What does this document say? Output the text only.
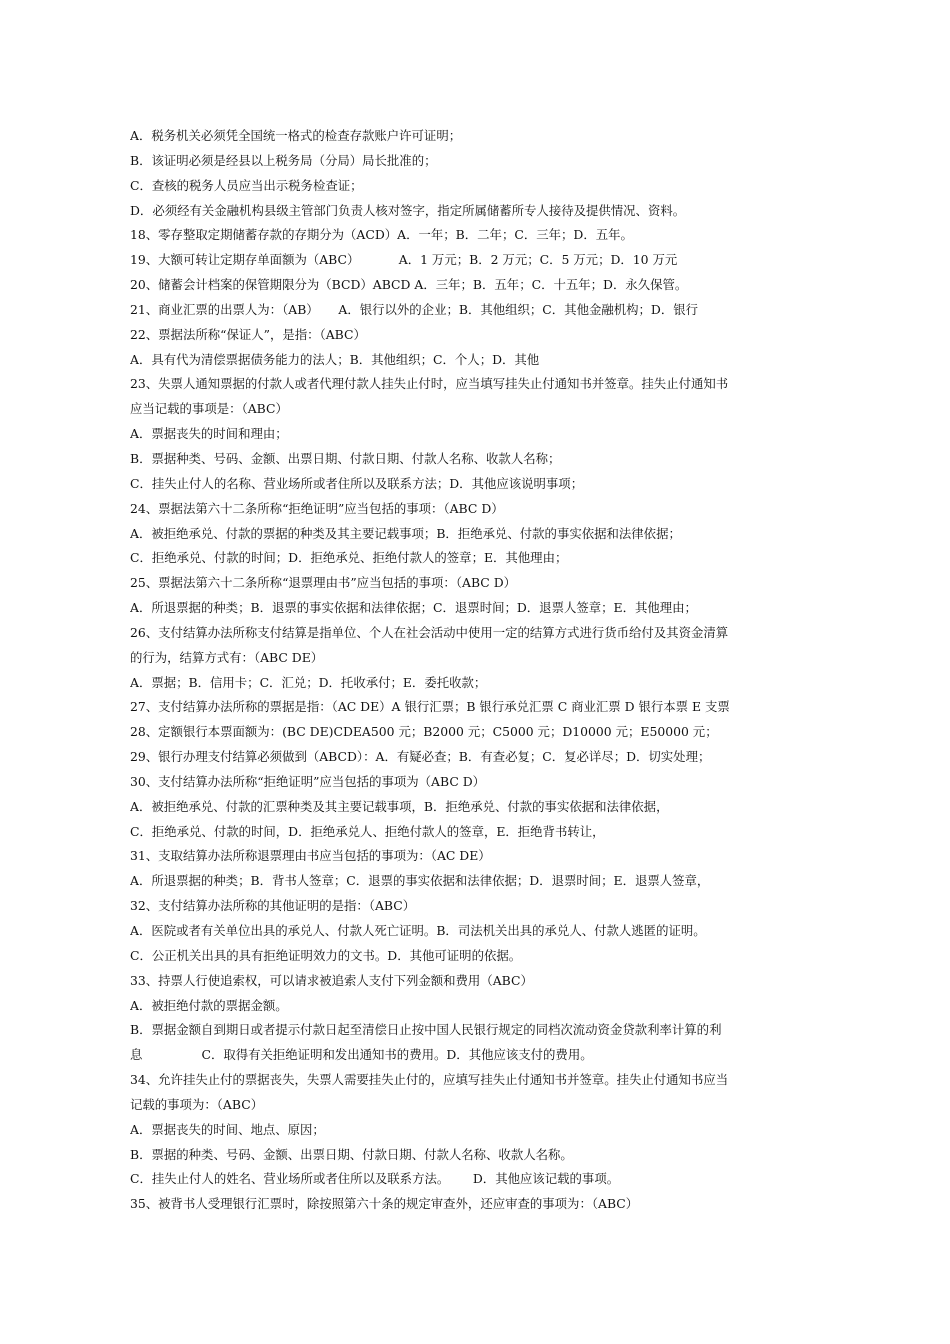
A．税务机关必须凭全国统一格式的检查存款账户许可证明；
B．该证明必须是经县以上税务局（分局）局长批准的；
C．查核的税务人员应当出示税务检查证；
D．必须经有关金融机构县级主管部门负责人核对签字，指定所属储蓄所专人接待及提供情况、资料。
18、零存整取定期储蓄存款的存期分为（ACD）A．一年；B．二年；C．三年；D．五年。
19、大额可转让定期存单面额为（ABC）          A．1 万元；B．2 万元；C．5 万元；D．10 万元
20、储蓄会计档案的保管期限分为（BCD）ABCD A．三年；B．五年；C．十五年；D．永久保管。
21、商业汇票的出票人为：（AB）     A．银行以外的企业；B．其他组织；C．其他金融机构；D．银行
22、票据法所称“保证人”，是指：（ABC）
A．具有代为清偿票据债务能力的法人；B．其他组织；C．个人；D．其他
23、失票人通知票据的付款人或者代理付款人挂失止付时，应当填写挂失止付通知书并签章。挂失止付通知书
应当记载的事项是：（ABC）
A．票据丧失的时间和理由；
B．票据种类、号码、金额、出票日期、付款日期、付款人名称、收款人名称；
C．挂失止付人的名称、营业场所或者住所以及联系方法；D．其他应该说明事项；
24、票据法第六十二条所称“拒绝证明”应当包括的事项：（ABC D）
A．被拒绝承兑、付款的票据的种类及其主要记载事项；B．拒绝承兑、付款的事实依据和法律依据；
C．拒绝承兑、付款的时间；D．拒绝承兑、拒绝付款人的签章；E．其他理由；
25、票据法第六十二条所称“退票理由书”应当包括的事项：（ABC D）
A．所退票据的种类；B．退票的事实依据和法律依据；C．退票时间；D．退票人签章；E．其他理由；
26、支付结算办法所称支付结算是指单位、个人在社会活动中使用一定的结算方式进行货币给付及其资金清算
的行为，结算方式有：（ABC DE）
A．票据；B．信用卡；C．汇兑；D．托收承付；E．委托收款；
27、支付结算办法所称的票据是指：（AC DE）A 银行汇票；B 银行承兑汇票 C 商业汇票 D 银行本票 E 支票
28、定额银行本票面额为：(BC DE)CDEA500 元；B2000 元；C5000 元；D10000 元；E50000 元；
29、银行办理支付结算必须做到（ABCD）：A．有疑必查；B．有查必复；C．复必详尽；D．切实处理；
30、支付结算办法所称“拒绝证明”应当包括的事项为（ABC D）
A．被拒绝承兑、付款的汇票种类及其主要记载事项，B．拒绝承兑、付款的事实依据和法律依据，
C．拒绝承兑、付款的时间，D．拒绝承兑人、拒绝付款人的签章，E．拒绝背书转让，
31、支取结算办法所称退票理由书应当包括的事项为：（AC DE）
A．所退票据的种类；B．背书人签章；C．退票的事实依据和法律依据；D．退票时间；E．退票人签章，
32、支付结算办法所称的其他证明的是指：（ABC）
A．医院或者有关单位出具的承兑人、付款人死亡证明。B．司法机关出具的承兑人、付款人逃匿的证明。
C．公正机关出具的具有拒绝证明效力的文书。D．其他可证明的依据。
33、持票人行使追索权，可以请求被追索人支付下列金额和费用（ABC）
A．被拒绝付款的票据金额。
B．票据金额自到期日或者提示付款日起至清偿日止按中国人民银行规定的同档次流动资金贷款利率计算的利
息               C．取得有关拒绝证明和发出通知书的费用。D．其他应该支付的费用。
34、允许挂失止付的票据丧失，失票人需要挂失止付的，应填写挂失止付通知书并签章。挂失止付通知书应当
记载的事项为：（ABC）
A．票据丧失的时间、地点、原因；
B．票据的种类、号码、金额、出票日期、付款日期、付款人名称、收款人名称。
C．挂失止付人的姓名、营业场所或者住所以及联系方法。      D．其他应该记载的事项。
35、被背书人受理银行汇票时，除按照第六十条的规定审查外，还应审查的事项为：（ABC）
